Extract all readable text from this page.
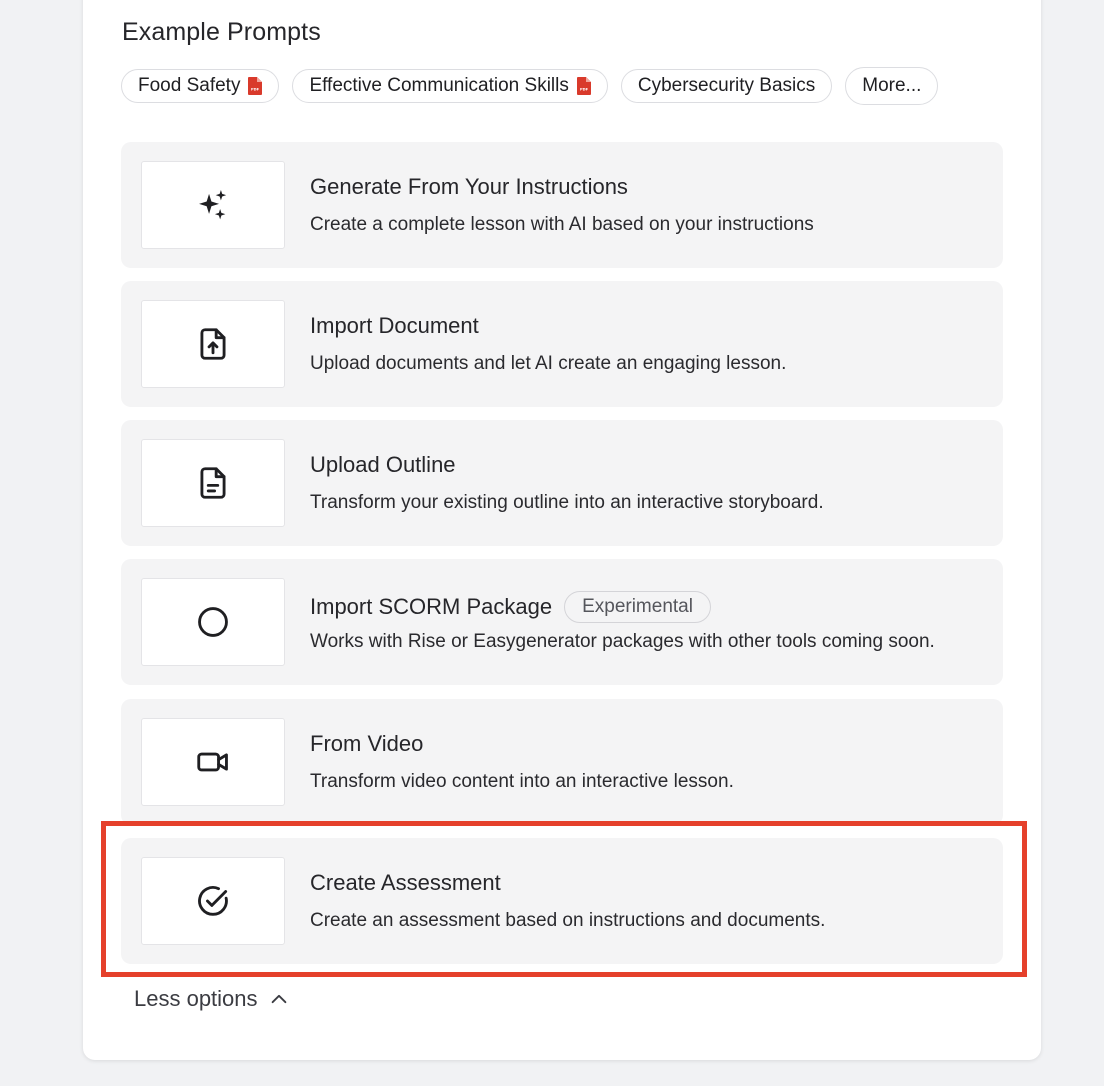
Example Prompts
Food Safety	PDF	Effective Communication Skills	PDF	Cybersecurity Basics More...
Generate From Your Instructions
Create a complete lesson with AI based on your instructions
Import Document
Upload documents and let AI create an engaging lesson.
Upload Outline
Transform your existing outline into an interactive storyboard.
Import SCORM Package	Experimental
Works with Rise or Easygenerator packages with other tools coming soon.
From Video
Transform video content into an interactive lesson.
Create Assessment
Create an assessment based on instructions and documents.
Less options
